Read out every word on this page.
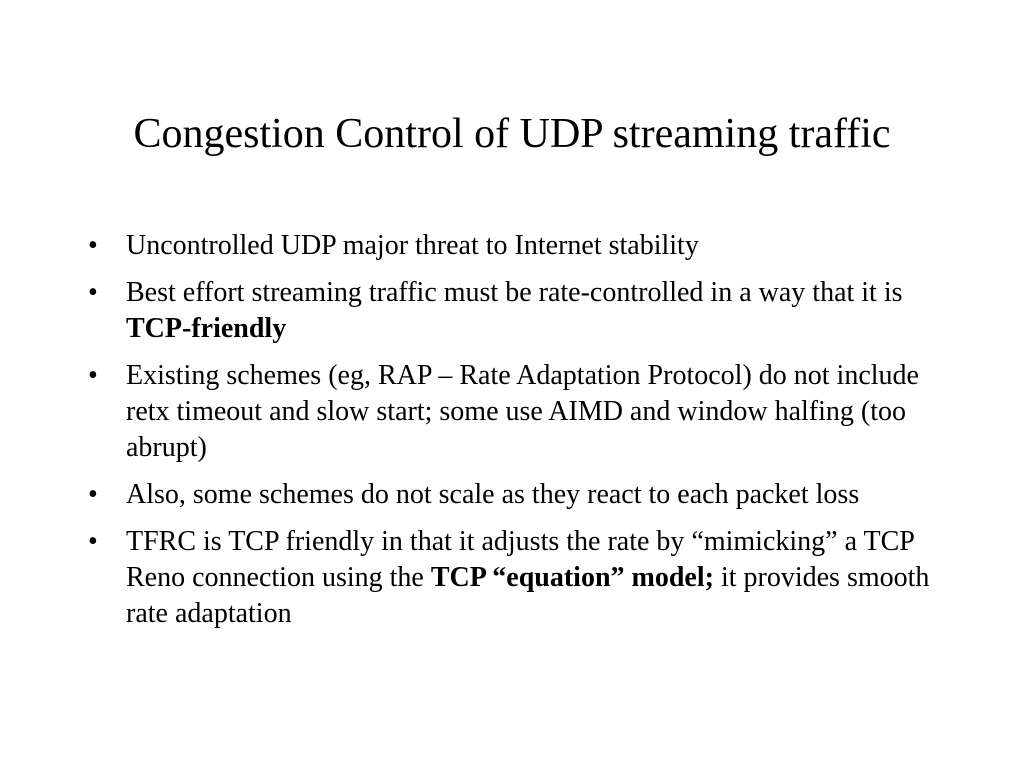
Congestion Control of UDP streaming traffic
•	Uncontrolled UDP major threat to Internet stability
•	Best effort streaming traffic must be rate-controlled in a way that it is TCP-friendly
•	Existing schemes (eg, RAP – Rate Adaptation Protocol) do not include retx timeout and slow start; some use AIMD and window halfing (too abrupt)
•	Also, some schemes do not scale as they react to each packet loss
•	TFRC is TCP friendly in that it adjusts the rate by “mimicking” a TCP Reno connection using the TCP “equation” model; it provides smooth rate adaptation
